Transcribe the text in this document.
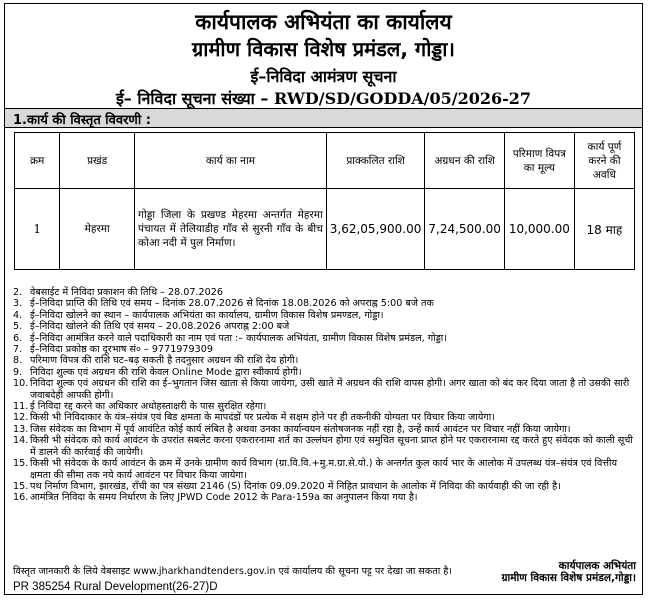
कार्यपालक अभियंता का कार्यालय
ग्रामीण विकास विशेष प्रमंडल, गोड्डा।
ई–निविदा आमंत्रण सूचना
ई– निविदा सूचना संख्या – RWD/SD/GODDA/05/2026-27
1.कार्य की विस्तृत विवरणी :
क्रम	प्रखंड	कार्य का नाम	प्राक्कलित राशि	अग्रधन की राशि	परिमाण विपत्र का मूल्य	कार्य पूर्ण करने की अवधि
1	मेहरमा	गोड्डा जिला के प्रखण्ड मेहरमा अन्तर्गत मेहरमा पंचायत में तेलियाडीह गाँव से सुरनी गाँव के बीच कोआ नदी में पुल निर्माण।	3,62,05,900.00	7,24,500.00	10,000.00	18 माह
2. वेबसाईट में निविदा प्रकाशन की तिथि – 28.07.2026
3. ई–निविदा प्राप्ति की तिथि एवं समय – दिनांक 28.07.2026 से दिनांक 18.08.2026 को अपराह्न 5:00 बजे तक
4. ई–निविदा खोलने का स्थान – कार्यपालक अभियंता का कार्यालय, ग्रामीण विकास विशेष प्रमण्डल, गोड्डा।
5. ई–निविदा खोलने की तिथि एवं समय – 20.08.2026 अपराह्न 2:00 बजे
6. ई–निविदा आमंत्रित करने वाले पदाधिकारी का नाम एवं पता :– कार्यपालक अभियंता, ग्रामीण विकास विशेष प्रमंडल, गोड्डा।
7. ई–निविदा प्रकोष्ठ का दूरभाष सं० – 9771979309
8. परिमाण विपत्र की राशि घट–बढ़ सकती है तदनुसार अग्रधन की राशि देय होगी।
9. निविदा शुल्क एवं अग्रधन की राशि केवल Online Mode द्वारा स्वीकार्य होगी।
10. निविदा शुल्क एवं अग्रधन की राशि का ई–भुगतान जिस खाता से किया जायेगा, उसी खाते में अग्रधन की राशि वापस होगी। अगर खाता को बंद कर दिया जाता है तो उसकी सारी जवाबदेही आपकी होगी।
11. ई निविदा रद्द करने का अधिकार अधोहस्ताक्षरी के पास सुरक्षित रहेगा।
12. किसी भी निविदाकार के यंत्र–संयंत्र एवं बिड क्षमता के मापदंडों पर प्रत्येक में सक्षम होने पर ही तकनीकी योग्यता पर विचार किया जायेगा।
13. जिस संवेदक का विभाग में पूर्व आवंटित कोई कार्य लंबित है अथवा उनका कार्यान्वयन संतोषजनक नहीं रहा है, उन्हें कार्य आवंटन पर विचार नहीं किया जायेगा।
14. किसी भी संवेदक को कार्य आवंटन के उपरांत सबलेट करना एकरारनामा शर्त का उल्लंघन होगा एवं समुचित सूचना प्राप्त होने पर एकरारनामा रद्द करते हुए संवेदक को काली सूची में डालने की कार्रवाई की जायेगी।
15. किसी भी संवेदक के कार्य आवंटन के क्रम में उनके ग्रामीण कार्य विभाग (ग्रा.वि.वि.+मु.म.ग्रा.से.यो.) के अन्तर्गत कुल कार्य भार के आलोक में उपलब्ध यंत्र–संयंत्र एवं वित्तीय क्षमता की सीमा तक नये कार्य आवंटन पर विचार किया जायेगा।
15. पथ निर्माण विभाग, झारखंड, राँची का पत्र संख्या 2146 (S) दिनांक 09.09.2020 में निहित प्रावधान के आलोक में निविदा की कार्यवाही की जा रही है।
16. आमंत्रित निविदा के समय निर्धारण के लिए JPWD Code 2012 के Para-159a का अनुपालन किया गया है।
विस्तृत जानकारी के लिये वेबसाइट www.jharkhandtenders.gov.in एवं कार्यालय की सूचना पट्ट पर देखा जा सकता है।	कार्यपालक अभियंता
ग्रामीण विकास विशेष प्रमंडल,गोड्डा।
PR 385254 Rural Development(26-27)D
